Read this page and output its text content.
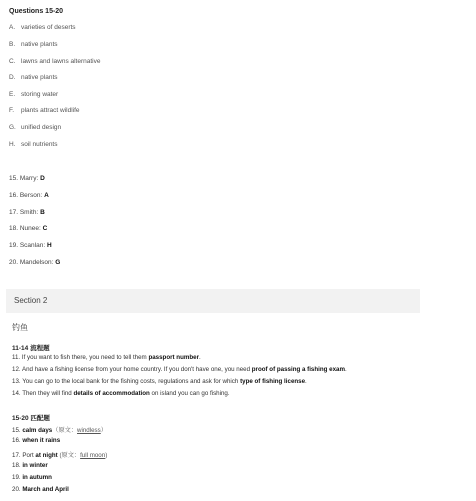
Questions 15-20
A. varieties of deserts
B. native plants
C. lawns and lawns alternative
D. native plants
E. storing water
F. plants attract wildlife
G. unified design
H. soil nutrients
15. Marry: D
16. Berson: A
17. Smith: B
18. Nunee: C
19. Scanlan: H
20. Mandelson: G
Section 2
钓鱼
11-14 流程题
11. If you want to fish there, you need to tell them passport number.
12. And have a fishing license from your home country. If you don't have one, you need proof of passing a fishing exam.
13. You can go to the local bank for the fishing costs, regulations and ask for which type of fishing license.
14. Then they will find details of accommodation on island you can go fishing.
15-20 匹配题
15. calm days（原文：windless）
16. when it rains
17. Port at night (原文：full moon)
18. in winter
19. in autumn
20. March and April
